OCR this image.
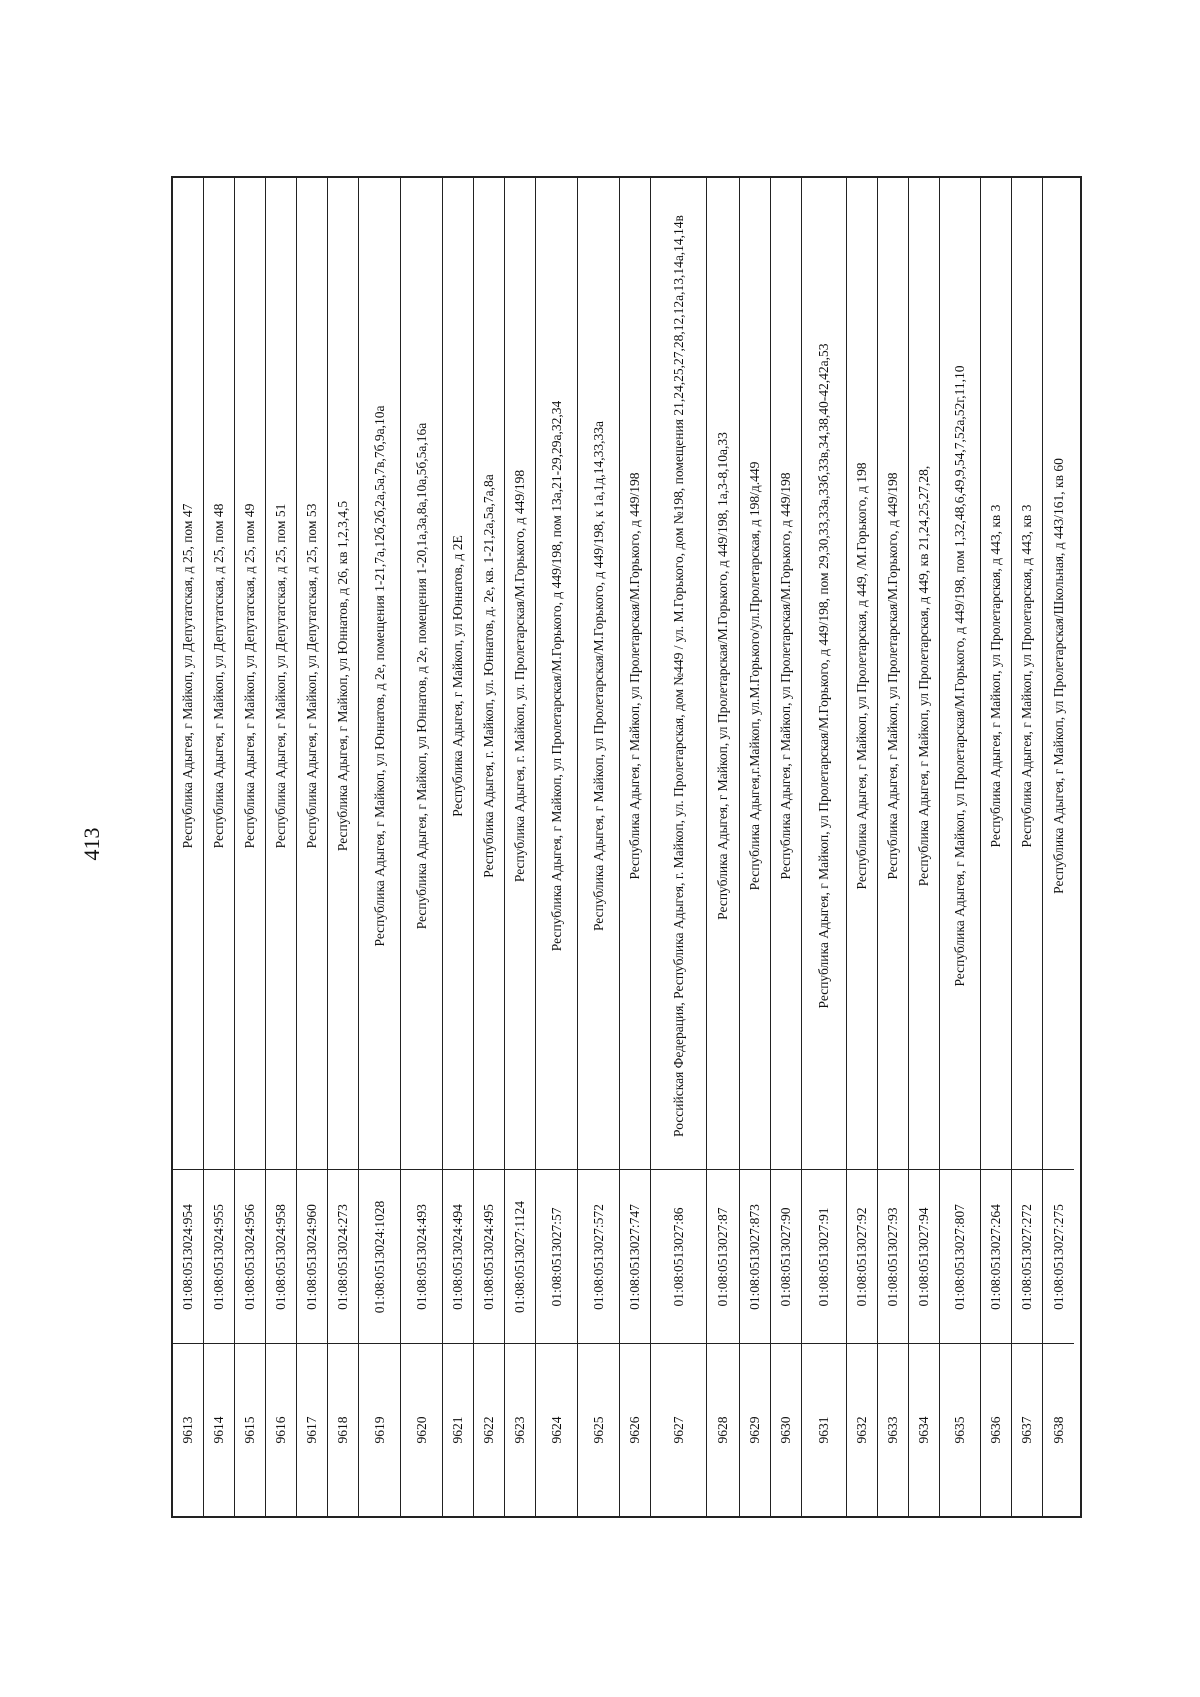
413	Республика Адыгея, г Майкоп, ул Депутатская, д 25, пом 47
01:08:0513024:954
9613
Республика Адыгея, г Майкоп, ул Депутатская, д 25, пом 48
01:08:0513024:955
9614
Республика Адыгея, г Майкоп, ул Депутатская, д 25, пом 49
01:08:0513024:956
9615
Республика Адыгея, г Майкоп, ул Депутатская, д 25, пом 51
01:08:0513024:958
9616
Республика Адыгея, г Майкоп, ул Депутатская, д 25, пом 53
01:08:0513024:960
9617
Республика Адыгея, г Майкоп, ул Юннатов, д 26, кв 1,2,3,4,5
01:08:0513024:273
9618
Республика Адыгея, г Майкоп, ул Юннатов, д 2е, помещения 1-21,7а,12б,2б,2а,5а,7в,7б,9а,10а
01:08:0513024:1028
9619
Республика Адыгея, г Майкоп, ул Юннатов, д 2е, помещения 1-20,1а,3а,8а,10а,5б,5а,16а
01:08:0513024:493
9620
Республика Адыгея, г Майкоп, ул Юннатов, д 2Е
01:08:0513024:494
9621
Республика Адыгея, г. Майкоп, ул. Юннатов, д. 2е, кв. 1-21,2а,5а,7а,8а
01:08:0513024:495
9622
Республика Адыгея, г. Майкоп, ул. Пролетарская/М.Горького, д 449/198
01:08:0513027:1124
9623
Республика Адыгея, г Майкоп, ул Пролетарская/М.Горького, д 449/198, пом 13а,21-29,29а,32,34
01:08:0513027:57
9624
Республика Адыгея, г Майкоп, ул Пролетарская/М.Горького, д 449/198, к 1а,1д,14,33,33а
01:08:0513027:572
9625
Республика Адыгея, г Майкоп, ул Пролетарская/М.Горького, д 449/198
01:08:0513027:747
9626
Российская Федерация, Республика Адыгея, г. Майкоп, ул. Пролетарская, дом №449 / ул. М.Горького, дом №198, помещения 21,24,25,27,28,12,12а,13,14а,14,14в
01:08:0513027:86
9627
Республика Адыгея, г Майкоп, ул Пролетарская/М.Горького, д 449/198, 1а,3-8,10а,33
01:08:0513027:87
9628
Республика Адыгея,г.Майкоп, ул.М.Горького/ул.Пролетарская, д 198/д.449
01:08:0513027:873
9629
Республика Адыгея, г Майкоп, ул Пролетарская/М.Горького, д 449/198
01:08:0513027:90
9630
Республика Адыгея, г Майкоп, ул Пролетарская/М.Горького, д 449/198, пом 29,30,33,33а,33б,33в,34,38,40-42,42а,53
01:08:0513027:91
9631
Республика Адыгея, г Майкоп, ул Пролетарская, д 449, /М.Горького, д 198
01:08:0513027:92
9632
Республика Адыгея, г Майкоп, ул Пролетарская/М.Горького, д 449/198
01:08:0513027:93
9633
Республика Адыгея, г Майкоп, ул Пролетарская, д 449, кв 21,24,25,27,28,
01:08:0513027:94
9634
Республика Адыгея, г Майкоп, ул Пролетарская/М.Горького, д 449/198, пом 1,32,48,6,49,9,54,7,52а,52г,11,10
01:08:0513027:807
9635
Республика Адыгея, г Майкоп, ул Пролетарская, д 443, кв 3
01:08:0513027:264
9636
Республика Адыгея, г Майкоп, ул Пролетарская, д 443, кв 3
01:08:0513027:272
9637
Республика Адыгея, г Майкоп, ул Пролетарская/Школьная, д 443/161, кв 60
01:08:0513027:275
9638
